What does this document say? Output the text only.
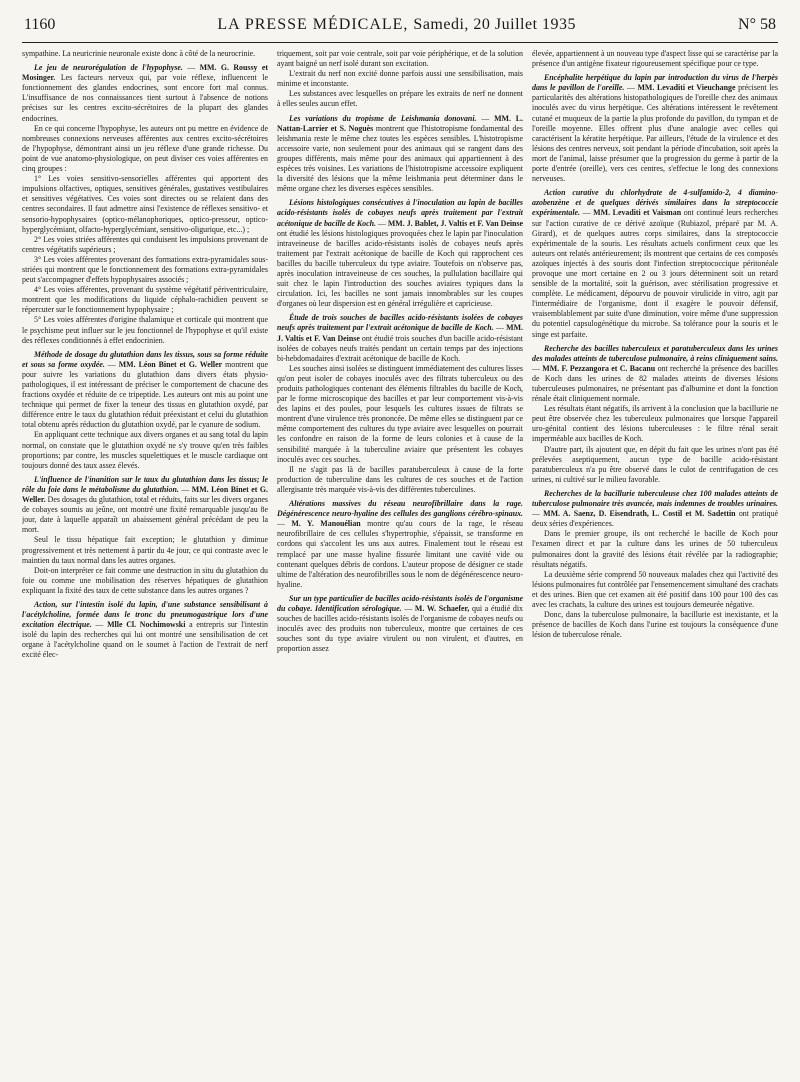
1160	LA PRESSE MÉDICALE, Samedi, 20 Juillet 1935	N° 58

sympathine. La neuricrinie neuronale existe donc à côté de la neurocrinie.

Le jeu de neurorégulation de l'hypophyse. — MM. G. Roussy et Mosinger. Les facteurs nerveux qui, par voie réflexe, influencent le fonctionnement des glandes endocrines, sont encore fort mal connus. L'insuffisance de nos connaissances tient surtout à l'absence de notions précises sur les centres excito-sécrétoires de la plupart des glandes endocrines.

En ce qui concerne l'hypophyse, les auteurs ont pu mettre en évidence de nombreuses connexions nerveuses afférentes aux centres excito-sécrétoires de l'hypophyse, démontrant ainsi un jeu réflexe d'une grande richesse. Du point de vue anatomo-physiologique, on peut diviser ces voies afférentes en cinq groupes :

1° Les voies sensitivo-sensorielles afférentes qui apportent des impulsions olfactives, optiques, sensitives générales, gustatives vestibulaires et sensitives végétatives. Ces voies sont directes ou se relaient dans des centres secondaires. Il faut admettre ainsi l'existence de réflexes sensitivo- et sensorio-hypophysaires (optico-mélanophoriques, optico-presseur, optico-hyperglycémiant, olfacto-hyperglycémiant, sensitivo-oligurique, etc...) ;

2° Les voies striées afférentes qui conduisent les impulsions provenant de centres végétatifs supérieurs ;

3° Les voies afférentes provenant des formations extra-pyramidales sous-striées qui montrent que le fonctionnement des formations extra-pyramidales peut s'accompagner d'effets hypophysaires associés ;

4° Les voies afférentes, provenant du système végétatif périventriculaire, montrent que les modifications du liquide céphalo-rachidien peuvent se répercuter sur le fonctionnement hypophysaire ;

5° Les voies afférentes d'origine thalamique et corticale qui montrent que le psychisme peut influer sur le jeu fonctionnel de l'hypophyse et qu'il existe des réflexes conditionnés à effet endocrinien.

Méthode de dosage du glutathion dans les tissus, sous sa forme réduite et sous sa forme oxydée. — MM. Léon Binet et G. Weller montrent que pour suivre les variations du glutathion dans divers états physio-pathologiques, il est intéressant de préciser le comportement de chacune des fractions oxydée et réduite de ce tripeptide. Les auteurs ont mis au point une technique qui permet de fixer la teneur des tissus en glutathion oxydé, par différence entre le taux du glutathion réduit préexistant et celui du glutathion total obtenu après réduction du glutathion oxydé, par le cyanure de sodium.

En appliquant cette technique aux divers organes et au sang total du lapin normal, on constate que le glutathion oxydé ne s'y trouve qu'en très faibles proportions; par contre, les muscles squelettiques et le muscle cardiaque ont toujours donné des taux assez élevés.

L'influence de l'inanition sur le taux du glutathion dans les tissus; le rôle du foie dans le métabolisme du glutathion. — MM. Léon Binet et G. Weller. Des dosages du glutathion, total et réduits, faits sur les divers organes de cobayes soumis au jeûne, ont montré une fixité remarquable jusqu'au 8e jour, date à laquelle apparaît un abaissement général précédant de peu la mort.

Seul le tissu hépatique fait exception; le glutathion y diminue progressivement et très nettement à partir du 4e jour, ce qui contraste avec le maintien du taux normal dans les autres organes.

Doit-on interpréter ce fait comme une destruction in situ du glutathion du foie ou comme une mobilisation des réserves hépatiques de glutathion expliquant la fixité des taux de cette substance dans les autres organes ?

Action, sur l'intestin isolé du lapin, d'une substance sensibilisant à l'acétylcholine, formée dans le tronc du pneumogastrique lors d'une excitation électrique. — Mlle Cl. Nochimowski a entrepris sur l'intestin isolé du lapin des recherches qui lui ont montré une sensibilisation de cet organe à l'acétylcholine quand on le soumet à l'action de l'extrait de nerf excité élec-

triquement, soit par voie centrale, soit par voie périphérique, et de la solution ayant baigné un nerf isolé durant son excitation.

L'extrait du nerf non excité donne parfois aussi une sensibilisation, mais minime et inconstante.

Les substances avec lesquelles on prépare les extraits de nerf ne donnent à elles seules aucun effet.

Les variations du tropisme de Leishmania donovani. — MM. L. Nattan-Larrier et S. Noguès montrent que l'histotropisme fondamental des leishmania reste le même chez toutes les espèces sensibles. L'histotropisme accessoire varie, non seulement pour des animaux qui se rangent dans des groupes différents, mais même pour des animaux qui appartiennent à des espèces très voisines. Les variations de l'histotropisme accessoire expliquent la diversité des lésions que la même leishmania peut déterminer dans le même organe chez les diverses espèces sensibles.

Lésions histologiques consécutives à l'inoculation au lapin de bacilles acido-résistants isolés de cobayes neufs après traitement par l'extrait acétonique de bacille de Koch. — MM. J. Bablet, J. Valtis et F. Van Deinse ont étudié les lésions histologiques provoquées chez le lapin par l'inoculation intraveineuse de bacilles acido-résistants isolés de cobayes neufs après traitement par l'extrait acétonique de bacille de Koch qui rapprochent ces bacilles du bacille tuberculeux du type aviaire. Toutefois on n'observe pas, après inoculation intraveineuse de ces souches, la pullulation bacillaire qui suit chez le lapin l'introduction des souches aviaires typiques dans la circulation. Ici, les bacilles ne sont jamais innombrables sur les coupes d'organes où leur dispersion est en général irrégulière et capricieuse.

Étude de trois souches de bacilles acido-résistants isolées de cobayes neufs après traitement par l'extrait acétonique de bacille de Koch. — MM. J. Valtis et F. Van Deinse ont étudié trois souches d'un bacille acido-résistant isolées de cobayes neufs traités pendant un certain temps par des injections bi-hebdomadaires d'extrait acétonique de bacille de Koch.

Les souches ainsi isolées se distinguent immédiatement des cultures lisses qu'on peut isoler de cobayes inoculés avec des filtrats tuberculeux ou des produits pathologiques contenant des éléments filtrables du bacille de Koch, par le forme microscopique des bacilles et par leur comportement vis-à-vis des lapins et des poules, pour lesquels les cultures issues de filtrats se montrent d'une virulence très prononcée. De même elles se distinguent par ce même comportement des cultures du type aviaire avec lesquelles on pourrait les confondre en raison de la forme de leurs colonies et à cause de la sensibilité marquée à la tuberculine aviaire que présentent les cobayes inoculés avec ces souches.

Il ne s'agit pas là de bacilles paratuberculeux à cause de la forte production de tuberculine dans les cultures de ces souches et de l'action allergisante très marquée vis-à-vis des différentes tuberculines.

Altérations massives du réseau neurofibrillaire dans la rage. Dégénérescence neuro-hyaline des cellules des ganglions cérébro-spinaux. — M. Y. Manouélian montre qu'au cours de la rage, le réseau neurofibrillaire de ces cellules s'hypertrophie, s'épaissit, se transforme en cordons qui s'accolent les uns aux autres. Finalement tout le réseau est remplacé par une masse hyaline fissurée limitant une cavité vide ou contenant quelques débris de cordons. L'auteur propose de désigner ce stade ultime de l'altération des neurofibrilles sous le nom de dégénérescence neuro-hyaline.

Sur un type particulier de bacilles acido-résistants isolés de l'organisme du cobaye. Identification sérologique. — M. W. Schaefer, qui a étudié dix souches de bacilles acido-résistants isolés de l'organisme de cobayes neufs ou inoculés avec des produits non tuberculeux, montre que certaines de ces souches sont du type aviaire virulent ou non virulent, et d'autres, en proportion assez

élevée, appartiennent à un nouveau type d'aspect lisse qui se caractérise par la présence d'un antigène fixateur rigoureusement spécifique pour ce type.

Encéphalite herpétique du lapin par introduction du virus de l'herpès dans le pavillon de l'oreille. — MM. Levaditi et Vieuchange précisent les particularités des altérations histopathologiques de l'oreille chez des animaux inoculés avec du virus herpétique. Ces altérations intéressent le revêtement cutané et muqueux de la partie la plus profonde du pavillon, du tympan et de l'oreille moyenne. Elles offrent plus d'une analogie avec celles qui caractérisent la kératite herpétique. Par ailleurs, l'étude de la virulence et des lésions des centres nerveux, soit pendant la période d'incubation, soit après la mort de l'animal, laisse présumer que la progression du germe à partir de la porte d'entrée (oreille), vers ces centres, s'effectue le long des connexions nerveuses.

Action curative du chlorhydrate de 4-sulfamido-2, 4 diamino-azobenzène et de quelques dérivés similaires dans la streptococcie expérimentale. — MM. Levaditi et Vaisman ont continué leurs recherches sur l'action curative de ce dérivé azoïque (Rubiazol, préparé par M. A. Girard), et de quelques autres corps similaires, dans la streptococcie expérimentale de la souris. Les résultats actuels confirment ceux que les auteurs ont relatés antérieurement; ils montrent que certains de ces composés azoïques injectés à des souris dont l'infection streptococcique péritonéale provoque une mort certaine en 2 ou 3 jours déterminent soit un retard sensible de la mortalité, soit la guérison, avec stérilisation progressive et complète. Le médicament, dépourvu de pouvoir virulicide in vitro, agit par l'intermédiaire de l'organisme, dont il exagère le pouvoir défensif, vraisemblablement par suite d'une diminution, voire même d'une suppression du potentiel capsulogénétique du microbe. Sa tolérance pour la souris et le singe est parfaite.

Recherche des bacilles tuberculeux et paratuberculeux dans les urines des malades atteints de tuberculose pulmonaire, à reins cliniquement sains. — MM. F. Pezzangora et C. Bacanu ont recherché la présence des bacilles de Koch dans les urines de 82 malades atteints de diverses lésions tuberculeuses pulmonaires, ne présentant pas d'albumine et dont la fonction rénale était cliniquement normale.

Les résultats étant négatifs, ils arrivent à la conclusion que la bacillurie ne peut être observée chez les tuberculeux pulmonaires que lorsque l'appareil uro-génital contient des lésions tuberculeuses : le filtre rénal serait imperméable aux bacilles de Koch.

D'autre part, ils ajoutent que, en dépit du fait que les urines n'ont pas été prélevées aseptiquement, aucun type de bacille acido-résistant paratuberculeux n'a pu être observé dans le culot de centrifugation de ces urines, ni cultivé sur le milieu favorable.

Recherches de la bacillurie tuberculeuse chez 100 malades atteints de tuberculose pulmonaire très avancée, mais indemnes de troubles urinaires. — MM. A. Saenz, D. Eisendrath, L. Costil et M. Sadettin ont pratiqué deux séries d'expériences.

Dans le premier groupe, ils ont recherché le bacille de Koch pour l'examen direct et par la culture dans les urines de 50 tuberculeux pulmonaires dont la gravité des lésions était révélée par la radiographie; résultats négatifs.

La deuxième série comprend 50 nouveaux malades chez qui l'activité des lésions pulmonaires fut contrôlée par l'ensemencement simultané des crachats et des urines. Bien que cet examen ait été positif dans 100 pour 100 des cas avec les crachats, la culture des urines est toujours demeurée négative.

Donc, dans la tuberculose pulmonaire, la bacillurie est inexistante, et la présence de bacilles de Koch dans l'urine est toujours la conséquence d'une lésion de tuberculose rénale.
